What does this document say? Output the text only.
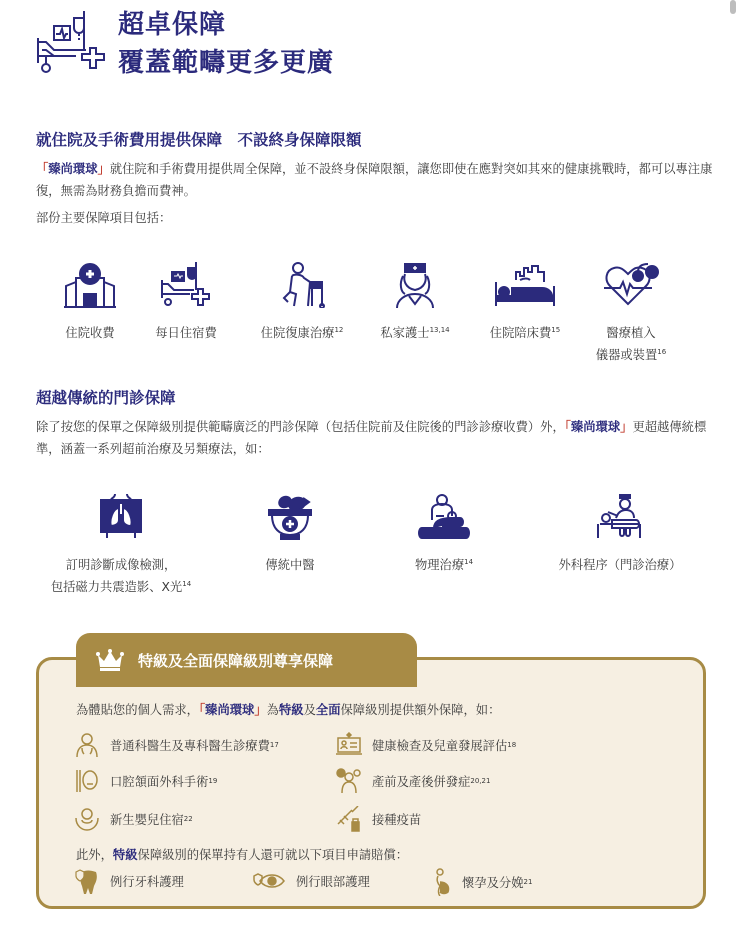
超卓保障
覆蓋範疇更多更廣
就住院及手術費用提供保障　不設終身保障限額
「臻尚環球」就住院和手術費用提供周全保障，並不設終身保障限額，讓您即使在應對突如其來的健康挑戰時，都可以專注康復，無需為財務負擔而費神。
部份主要保障項目包括：
住院收費	每日住宿費	住院復康治療$^{12}$	私家護士$^{13,14}$	住院陪床費$^{15}$	醫療植入
儀器或裝置$^{16}$
超越傳統的門診保障
除了按您的保單之保障級別提供範疇廣泛的門診保障（包括住院前及住院後的門診診療收費）外，「臻尚環球」更超越傳統標準，涵蓋一系列超前治療及另類療法，如：
訂明診斷成像檢測，
包括磁力共震造影、X光$^{14}$
傳統中醫	物理治療$^{14}$	外科程序（門診治療）
特級及全面保障級別尊享保障
為體貼您的個人需求，「臻尚環球」為特級及全面保障級別提供額外保障，如：
普通科醫生及專科醫生診療費 17	健康檢查及兒童發展評估 18
口腔頷面外科手術 19	產前及產後併發症 20,21
新生嬰兒住宿 22	接種疫苗
此外，特級保障級別的保單持有人還可就以下項目申請賠償：
例行牙科護理	例行眼部護理	懷孕及分娩 21
